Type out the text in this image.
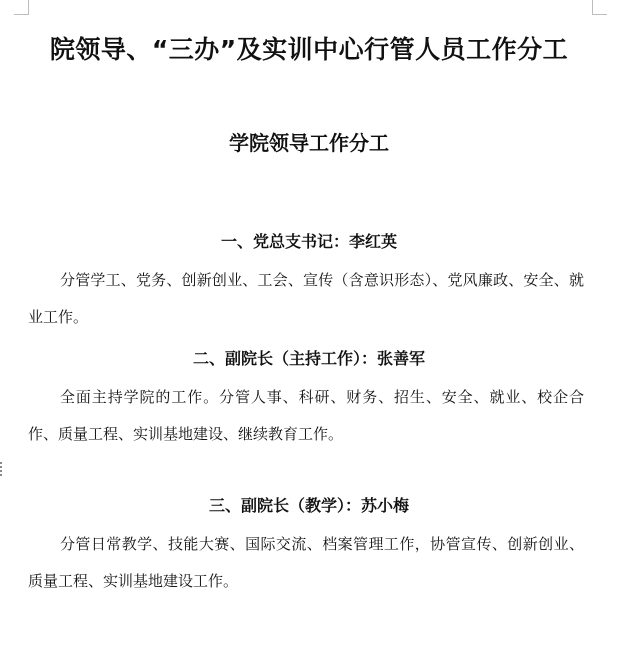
院领导、“三办”及实训中心行管人员工作分工
学院领导工作分工
一、党总支书记：李红英
分管学工、党务、创新创业、工会、宣传（含意识形态）、党风廉政、安全、就业工作。
二、副院长（主持工作）：张善军
全面主持学院的工作。分管人事、科研、财务、招生、安全、就业、校企合作、质量工程、实训基地建设、继续教育工作。
三、副院长（教学）：苏小梅
分管日常教学、技能大赛、国际交流、档案管理工作，协管宣传、创新创业、质量工程、实训基地建设工作。
